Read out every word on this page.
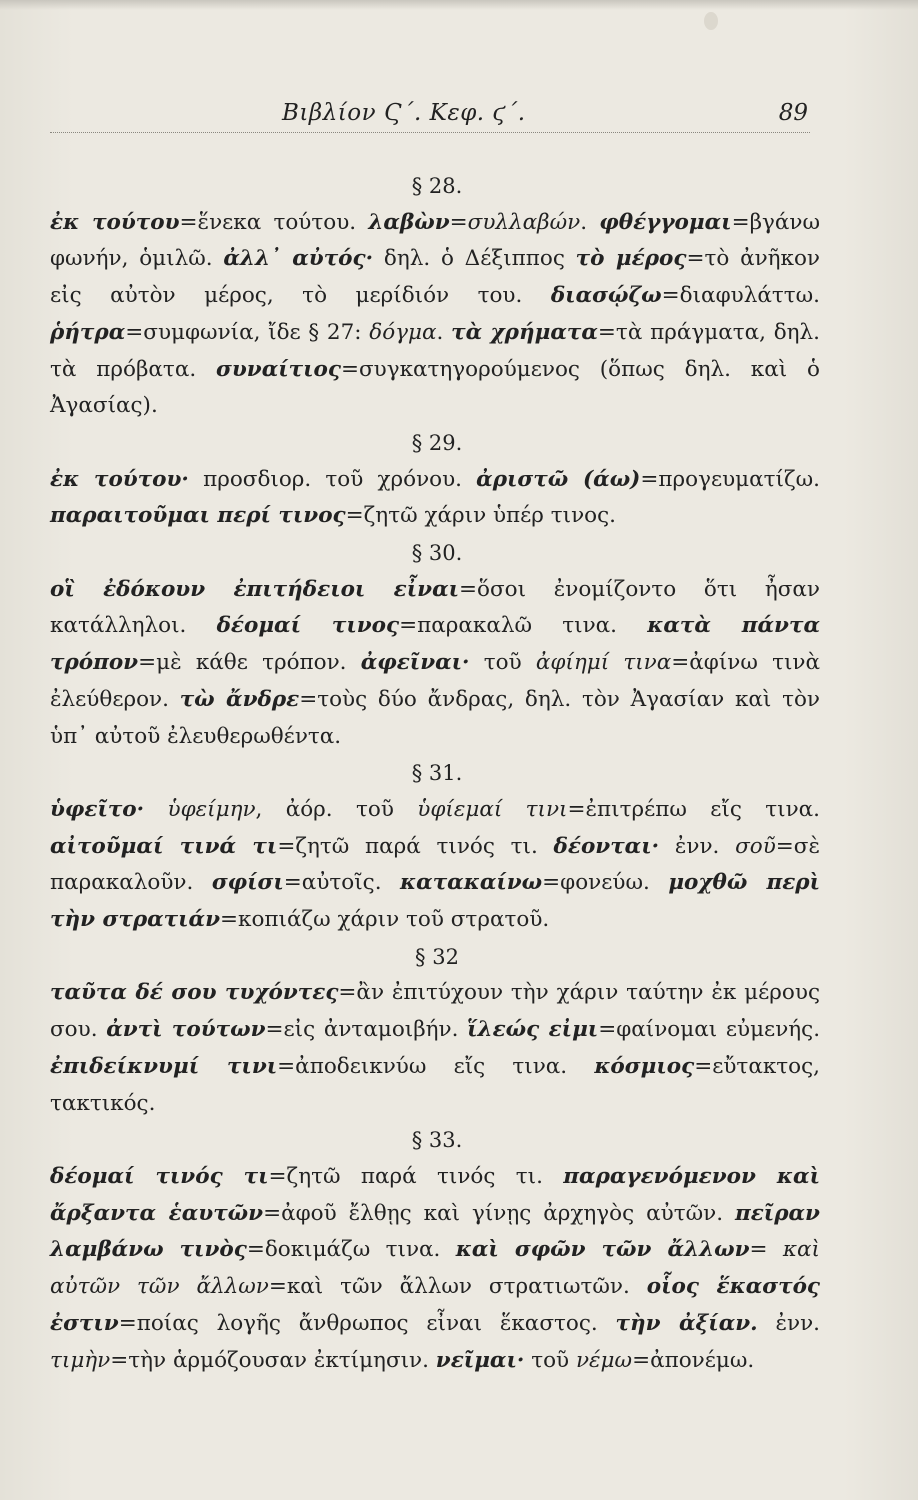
Βιβλίον Ϛ΄. Κεφ. ϛ΄.	89

§ 28.

ἐκ τούτου=ἕνεκα τούτου. λαβὼν=συλλαβών. φθέγγομαι=βγάνω φωνήν, ὁμιλῶ. ἀλλ᾽ αὐτός· δηλ. ὁ Δέξιππος τὸ μέρος=τὸ ἀνῆκον εἰς αὐτὸν μέρος, τὸ μερίδιόν του. διασῴζω=διαφυλάττω. ῥήτρα=συμφωνία, ἴδε § 27: δόγμα. τὰ χρήματα=τὰ πράγματα, δηλ. τὰ πρόβατα. συναίτιος=συγκατηγορούμενος (ὅπως δηλ. καὶ ὁ Ἀγασίας).

§ 29.

ἐκ τούτου· προσδιορ. τοῦ χρόνου. ἀριστῶ (άω)=προγευματίζω. παραιτοῦμαι περί τινος=ζητῶ χάριν ὑπέρ τινος.

§ 30.

οἳ ἐδόκουν ἐπιτήδειοι εἶναι=ὅσοι ἐνομίζοντο ὅτι ἦσαν κατάλληλοι. δέομαί τινος=παρακαλῶ τινα. κατὰ πάντα τρόπον=μὲ κάθε τρόπον. ἀφεῖναι· τοῦ ἀφίημί τινα=ἀφίνω τινὰ ἐλεύθερον. τὼ ἄνδρε=τοὺς δύο ἄνδρας, δηλ. τὸν Ἀγασίαν καὶ τὸν ὑπ᾽ αὐτοῦ ἐλευθερωθέντα.

§ 31.

ὑφεῖτο· ὑφείμην, ἀόρ. τοῦ ὑφίεμαί τινι=ἐπιτρέπω εἴς τινα. αἰτοῦμαί τινά τι=ζητῶ παρά τινός τι. δέονται· ἐνν. σοῦ=σὲ παρακαλοῦν. σφίσι=αὐτοῖς. κατακαίνω=φονεύω. μοχθῶ περὶ τὴν στρατιάν=κοπιάζω χάριν τοῦ στρατοῦ.

§ 32

ταῦτα δέ σου τυχόντες=ἂν ἐπιτύχουν τὴν χάριν ταύτην ἐκ μέρους σου. ἀντὶ τούτων=εἰς ἀνταμοιβήν. ἵλεώς εἰμι=φαίνομαι εὐμενής. ἐπιδείκνυμί τινι=ἀποδεικνύω εἴς τινα. κόσμιος=εὔτακτος, τακτικός.

§ 33.

δέομαί τινός τι=ζητῶ παρά τινός τι. παραγενόμενον καὶ ἄρξαντα ἑαυτῶν=ἀφοῦ ἔλθῃς καὶ γίνῃς ἀρχηγὸς αὐτῶν. πεῖραν λαμβάνω τινὸς=δοκιμάζω τινα. καὶ σφῶν τῶν ἄλλων= καὶ αὐτῶν τῶν ἄλλων=καὶ τῶν ἄλλων στρατιωτῶν. οἷος ἕκαστός ἐστιν=ποίας λογῆς ἄνθρωπος εἶναι ἕκαστος. τὴν ἀξίαν. ἐνν. τιμὴν=τὴν ἁρμόζουσαν ἐκτίμησιν. νεῖμαι· τοῦ νέμω=ἀπονέμω.
